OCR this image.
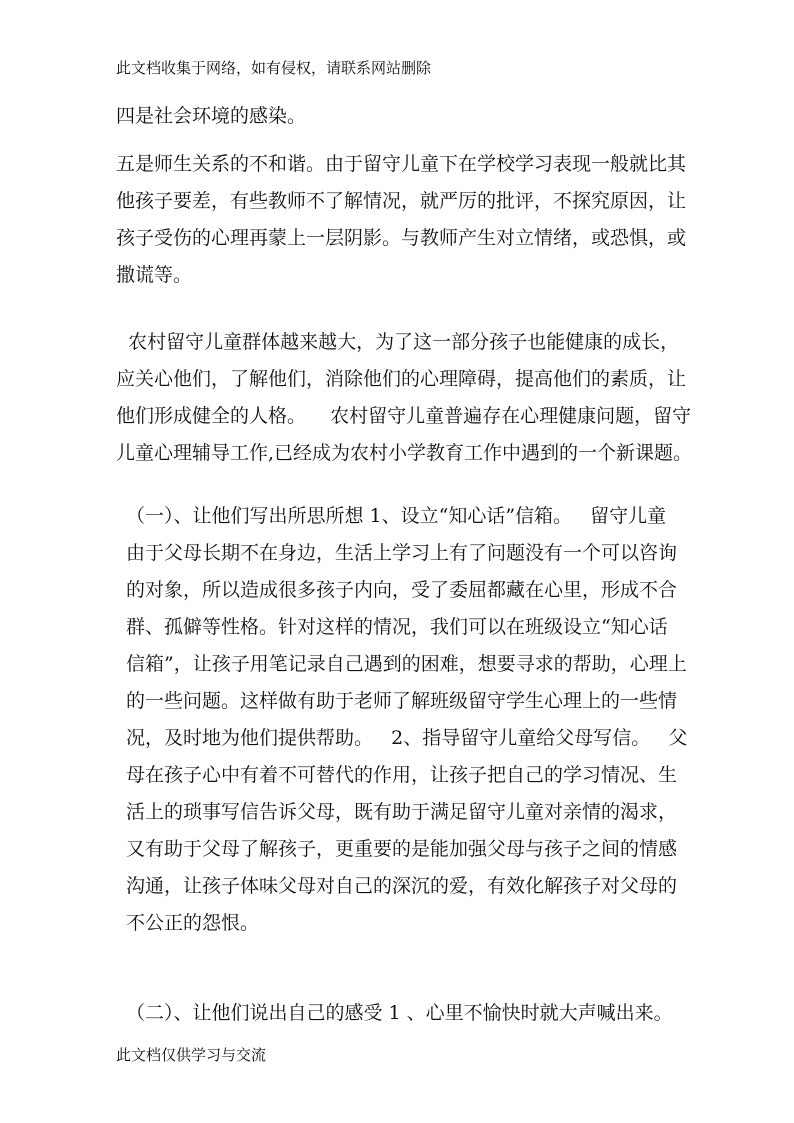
此文档收集于网络，如有侵权，请联系网站删除
四是社会环境的感染。
五是师生关系的不和谐。由于留守儿童下在学校学习表现一般就比其
他孩子要差，有些教师不了解情况，就严厉的批评，不探究原因，让
孩子受伤的心理再蒙上一层阴影。与教师产生对立情绪，或恐惧，或
撒谎等。
农村留守儿童群体越来越大，为了这一部分孩子也能健康的成长，
应关心他们，了解他们，消除他们的心理障碍，提高他们的素质，让
他们形成健全的人格。    农村留守儿童普遍存在心理健康问题，留守
儿童心理辅导工作,已经成为农村小学教育工作中遇到的一个新课题。
（一）、让他们写出所思所想 1、设立“知心话”信箱。   留守儿童
由于父母长期不在身边，生活上学习上有了问题没有一个可以咨询
的对象，所以造成很多孩子内向，受了委屈都藏在心里，形成不合
群、孤僻等性格。针对这样的情况，我们可以在班级设立“知心话
信箱”，让孩子用笔记录自己遇到的困难，想要寻求的帮助，心理上
的一些问题。这样做有助于老师了解班级留守学生心理上的一些情
况，及时地为他们提供帮助。   2、指导留守儿童给父母写信。   父
母在孩子心中有着不可替代的作用，让孩子把自己的学习情况、生
活上的琐事写信告诉父母，既有助于满足留守儿童对亲情的渴求，
又有助于父母了解孩子，更重要的是能加强父母与孩子之间的情感
沟通，让孩子体味父母对自己的深沉的爱，有效化解孩子对父母的
不公正的怨恨。
（二）、让他们说出自己的感受 1 、心里不愉快时就大声喊出来。
此文档仅供学习与交流
